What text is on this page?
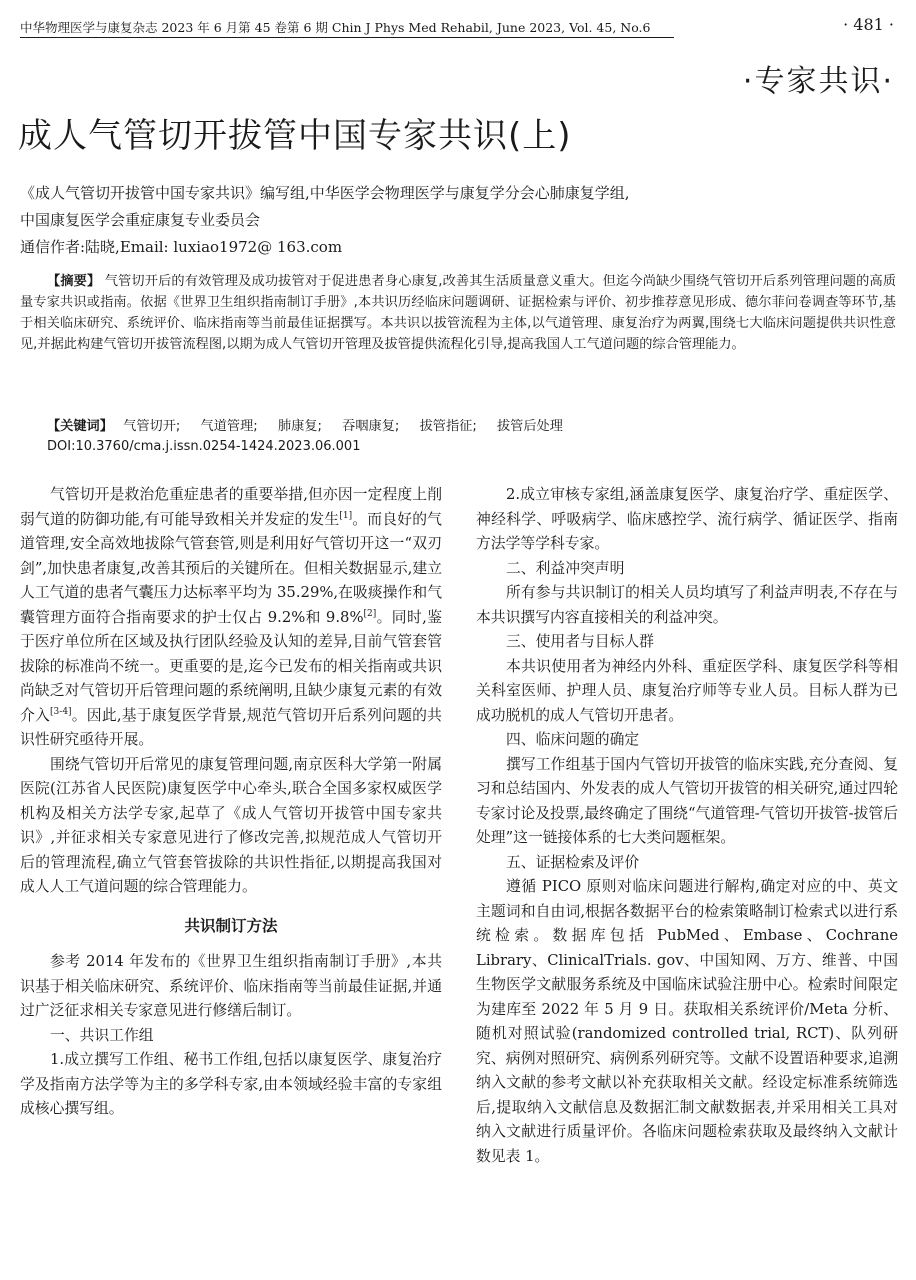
中华物理医学与康复杂志 2023 年 6 月第 45 卷第 6 期 Chin J Phys Med Rehabil, June 2023, Vol. 45, No.6	· 481 ·
·专家共识·
成人气管切开拔管中国专家共识(上)
《成人气管切开拔管中国专家共识》编写组,中华医学会物理医学与康复学分会心肺康复学组,
中国康复医学会重症康复专业委员会
通信作者:陆晓,Email: luxiao1972@ 163.com
【摘要】 气管切开后的有效管理及成功拔管对于促进患者身心康复,改善其生活质量意义重大。但迄今尚缺少围绕气管切开后系列管理问题的高质量专家共识或指南。依据《世界卫生组织指南制订手册》,本共识历经临床问题调研、证据检索与评价、初步推荐意见形成、德尔菲问卷调查等环节,基于相关临床研究、系统评价、临床指南等当前最佳证据撰写。本共识以拔管流程为主体,以气道管理、康复治疗为两翼,围绕七大临床问题提供共识性意见,并据此构建气管切开拔管流程图,以期为成人气管切开管理及拔管提供流程化引导,提高我国人工气道问题的综合管理能力。
【关键词】 气管切开; 气道管理; 肺康复; 吞咽康复; 拔管指征; 拔管后处理
DOI:10.3760/cma.j.issn.0254-1424.2023.06.001

气管切开是救治危重症患者的重要举措,但亦因一定程度上削弱气道的防御功能,有可能导致相关并发症的发生[1]。而良好的气道管理,安全高效地拔除气管套管,则是利用好气管切开这一“双刃剑”,加快患者康复,改善其预后的关键所在。但相关数据显示,建立人工气道的患者气囊压力达标率平均为 35.29%,在吸痰操作和气囊管理方面符合指南要求的护士仅占 9.2%和 9.8%[2]。同时,鉴于医疗单位所在区域及执行团队经验及认知的差异,目前气管套管拔除的标准尚不统一。更重要的是,迄今已发布的相关指南或共识尚缺乏对气管切开后管理问题的系统阐明,且缺少康复元素的有效介入[3-4]。因此,基于康复医学背景,规范气管切开后系列问题的共识性研究亟待开展。

围绕气管切开后常见的康复管理问题,南京医科大学第一附属医院(江苏省人民医院)康复医学中心牵头,联合全国多家权威医学机构及相关方法学专家,起草了《成人气管切开拔管中国专家共识》,并征求相关专家意见进行了修改完善,拟规范成人气管切开后的管理流程,确立气管套管拔除的共识性指征,以期提高我国对成人人工气道问题的综合管理能力。

共识制订方法

参考 2014 年发布的《世界卫生组织指南制订手册》,本共识基于相关临床研究、系统评价、临床指南等当前最佳证据,并通过广泛征求相关专家意见进行修缮后制订。

一、共识工作组

1.成立撰写工作组、秘书工作组,包括以康复医学、康复治疗学及指南方法学等为主的多学科专家,由本领域经验丰富的专家组成核心撰写组。

2.成立审核专家组,涵盖康复医学、康复治疗学、重症医学、神经科学、呼吸病学、临床感控学、流行病学、循证医学、指南方法学等学科专家。

二、利益冲突声明

所有参与共识制订的相关人员均填写了利益声明表,不存在与本共识撰写内容直接相关的利益冲突。

三、使用者与目标人群

本共识使用者为神经内外科、重症医学科、康复医学科等相关科室医师、护理人员、康复治疗师等专业人员。目标人群为已成功脱机的成人气管切开患者。

四、临床问题的确定

撰写工作组基于国内气管切开拔管的临床实践,充分查阅、复习和总结国内、外发表的成人气管切开拔管的相关研究,通过四轮专家讨论及投票,最终确定了围绕“气道管理-气管切开拔管-拔管后处理”这一链接体系的七大类问题框架。

五、证据检索及评价

遵循 PICO 原则对临床问题进行解构,确定对应的中、英文主题词和自由词,根据各数据平台的检索策略制订检索式以进行系统检索。数据库包括 PubMed、Embase、Cochrane Library、ClinicalTrials. gov、中国知网、万方、维普、中国生物医学文献服务系统及中国临床试验注册中心。检索时间限定为建库至 2022 年 5 月 9 日。获取相关系统评价/Meta 分析、随机对照试验(randomized controlled trial, RCT)、队列研究、病例对照研究、病例系列研究等。文献不设置语种要求,追溯纳入文献的参考文献以补充获取相关文献。经设定标准系统筛选后,提取纳入文献信息及数据汇制文献数据表,并采用相关工具对纳入文献进行质量评价。各临床问题检索获取及最终纳入文献计数见表 1。
